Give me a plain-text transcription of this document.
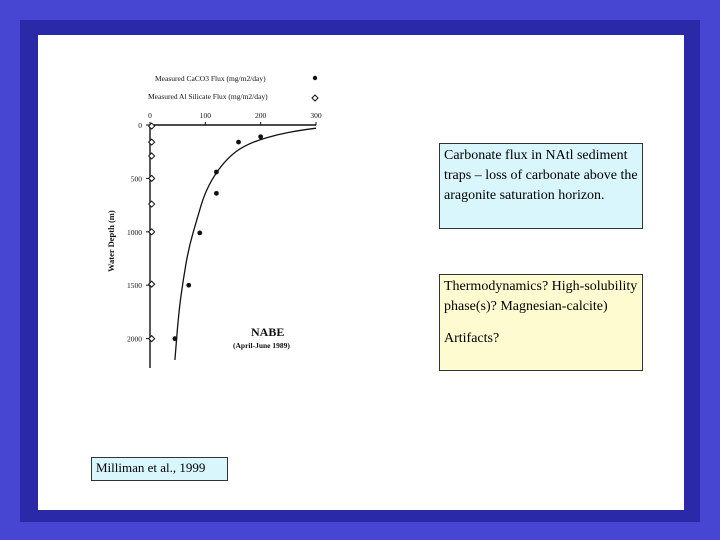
Measured CaCO3 Flux (mg/m2/day)
Measured Al Silicate Flux (mg/m2/day)
0	100	200	300
0
500
1000
1500
2000
Water Depth (m)
NABE
(April-June 1989)
Carbonate flux in NAtl sediment traps – loss of carbonate above the aragonite saturation horizon.
Thermodynamics? High-solubility phase(s)? Magnesian-calcite)
Artifacts?
Milliman et al., 1999
